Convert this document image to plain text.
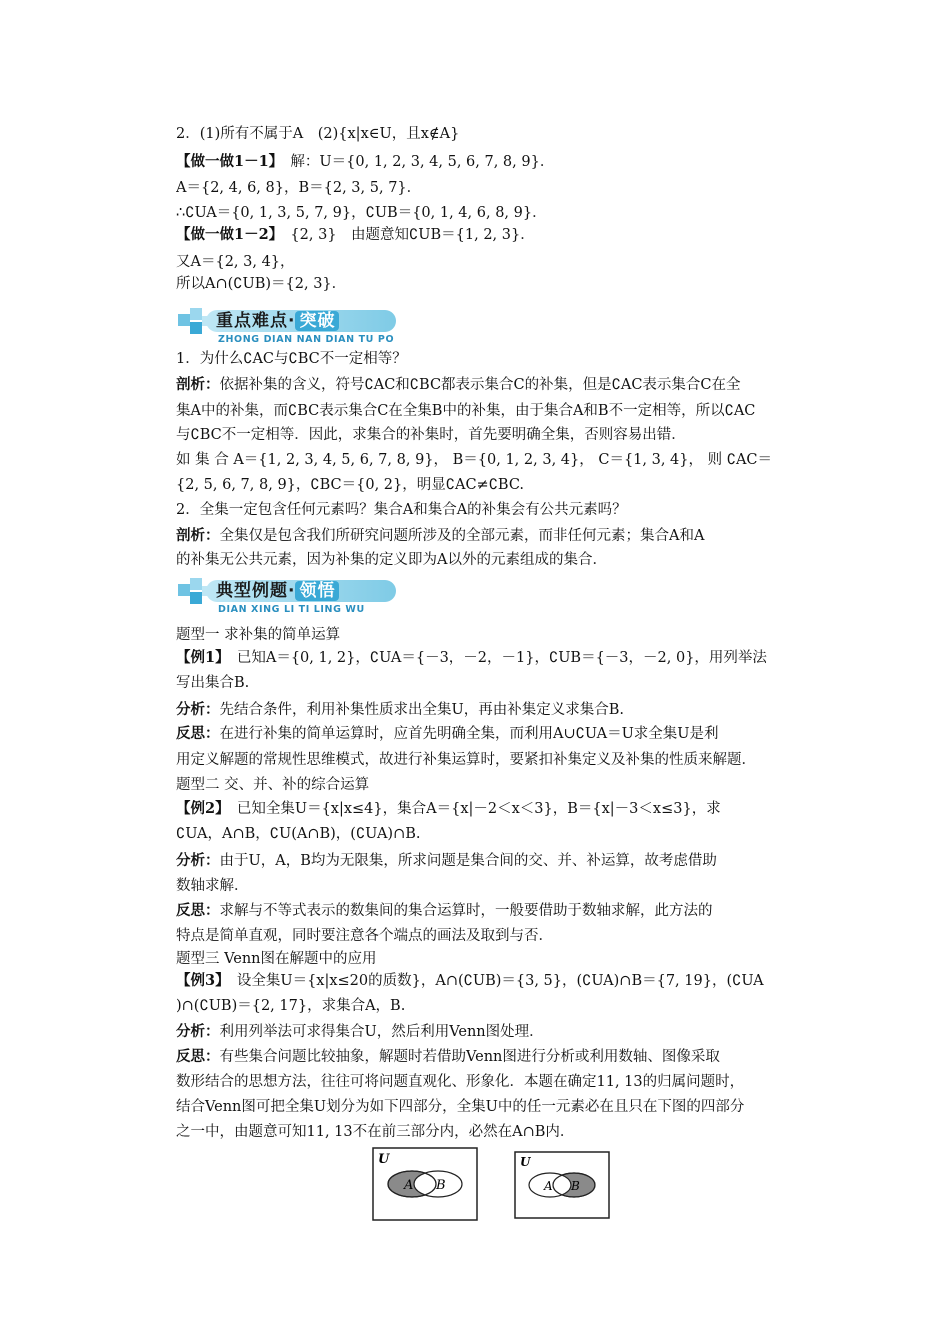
2．(1)所有不属于A　(2){x|x∈U，且x∉A}
【做一做1－1】　解：U＝{0, 1, 2, 3, 4, 5, 6, 7, 8, 9}．
A＝{2, 4, 6, 8}，B＝{2, 3, 5, 7}．
∴∁UA＝{0, 1, 3, 5, 7, 9}，∁UB＝{0, 1, 4, 6, 8, 9}．
【做一做1－2】　{2, 3}　由题意知∁UB＝{1, 2, 3}．
又A＝{2, 3, 4}，
所以A∩(∁UB)＝{2, 3}．
重点难点· 突破
ZHONG DIAN NAN DIAN TU PO
1．为什么∁AC与∁BC不一定相等？
剖析：依据补集的含义，符号∁AC和∁BC都表示集合C的补集，但是∁AC表示集合C在全
集A中的补集，而∁BC表示集合C在全集B中的补集，由于集合A和B不一定相等，所以∁AC
与∁BC不一定相等．因此，求集合的补集时，首先要明确全集，否则容易出错．
如 集 合 A＝{1, 2, 3, 4, 5, 6, 7, 8, 9}， B＝{0, 1, 2, 3, 4}， C＝{1, 3, 4}， 则 ∁AC＝
{2, 5, 6, 7, 8, 9}，∁BC＝{0, 2}，明显∁AC≠∁BC.
2．全集一定包含任何元素吗？集合A和集合A的补集会有公共元素吗？
剖析：全集仅是包含我们所研究问题所涉及的全部元素，而非任何元素；集合A和A
的补集无公共元素，因为补集的定义即为A以外的元素组成的集合．
典型例题· 领悟
DIAN XING LI TI LING WU
题型一 求补集的简单运算
【例1】　已知A＝{0, 1, 2}，∁UA＝{－3，－2，－1}，∁UB＝{－3，－2, 0}，用列举法
写出集合B.
分析：先结合条件，利用补集性质求出全集U，再由补集定义求集合B.
反思：在进行补集的简单运算时，应首先明确全集，而利用A∪∁UA＝U求全集U是利
用定义解题的常规性思维模式，故进行补集运算时，要紧扣补集定义及补集的性质来解题．
题型二 交、并、补的综合运算
【例2】　已知全集U＝{x|x≤4}，集合A＝{x|－2＜x＜3}，B＝{x|－3＜x≤3}，求
∁UA，A∩B，∁U(A∩B)，(∁UA)∩B.
分析：由于U，A，B均为无限集，所求问题是集合间的交、并、补运算，故考虑借助
数轴求解．
反思：求解与不等式表示的数集间的集合运算时，一般要借助于数轴求解，此方法的
特点是简单直观，同时要注意各个端点的画法及取到与否．
题型三 Venn图在解题中的应用
【例3】　设全集U＝{x|x≤20的质数}，A∩(∁UB)＝{3, 5}，(∁UA)∩B＝{7, 19}，(∁UA
)∩(∁UB)＝{2, 17}，求集合A，B.
分析：利用列举法可求得集合U，然后利用Venn图处理．
反思：有些集合问题比较抽象，解题时若借助Venn图进行分析或利用数轴、图像采取
数形结合的思想方法，往往可将问题直观化、形象化．本题在确定11, 13的归属问题时，
结合Venn图可把全集U划分为如下四部分，全集U中的任一元素必在且只在下图的四部分
之一中，由题意可知11, 13不在前三部分内，必然在A∩B内．
U
A B
U
A B
